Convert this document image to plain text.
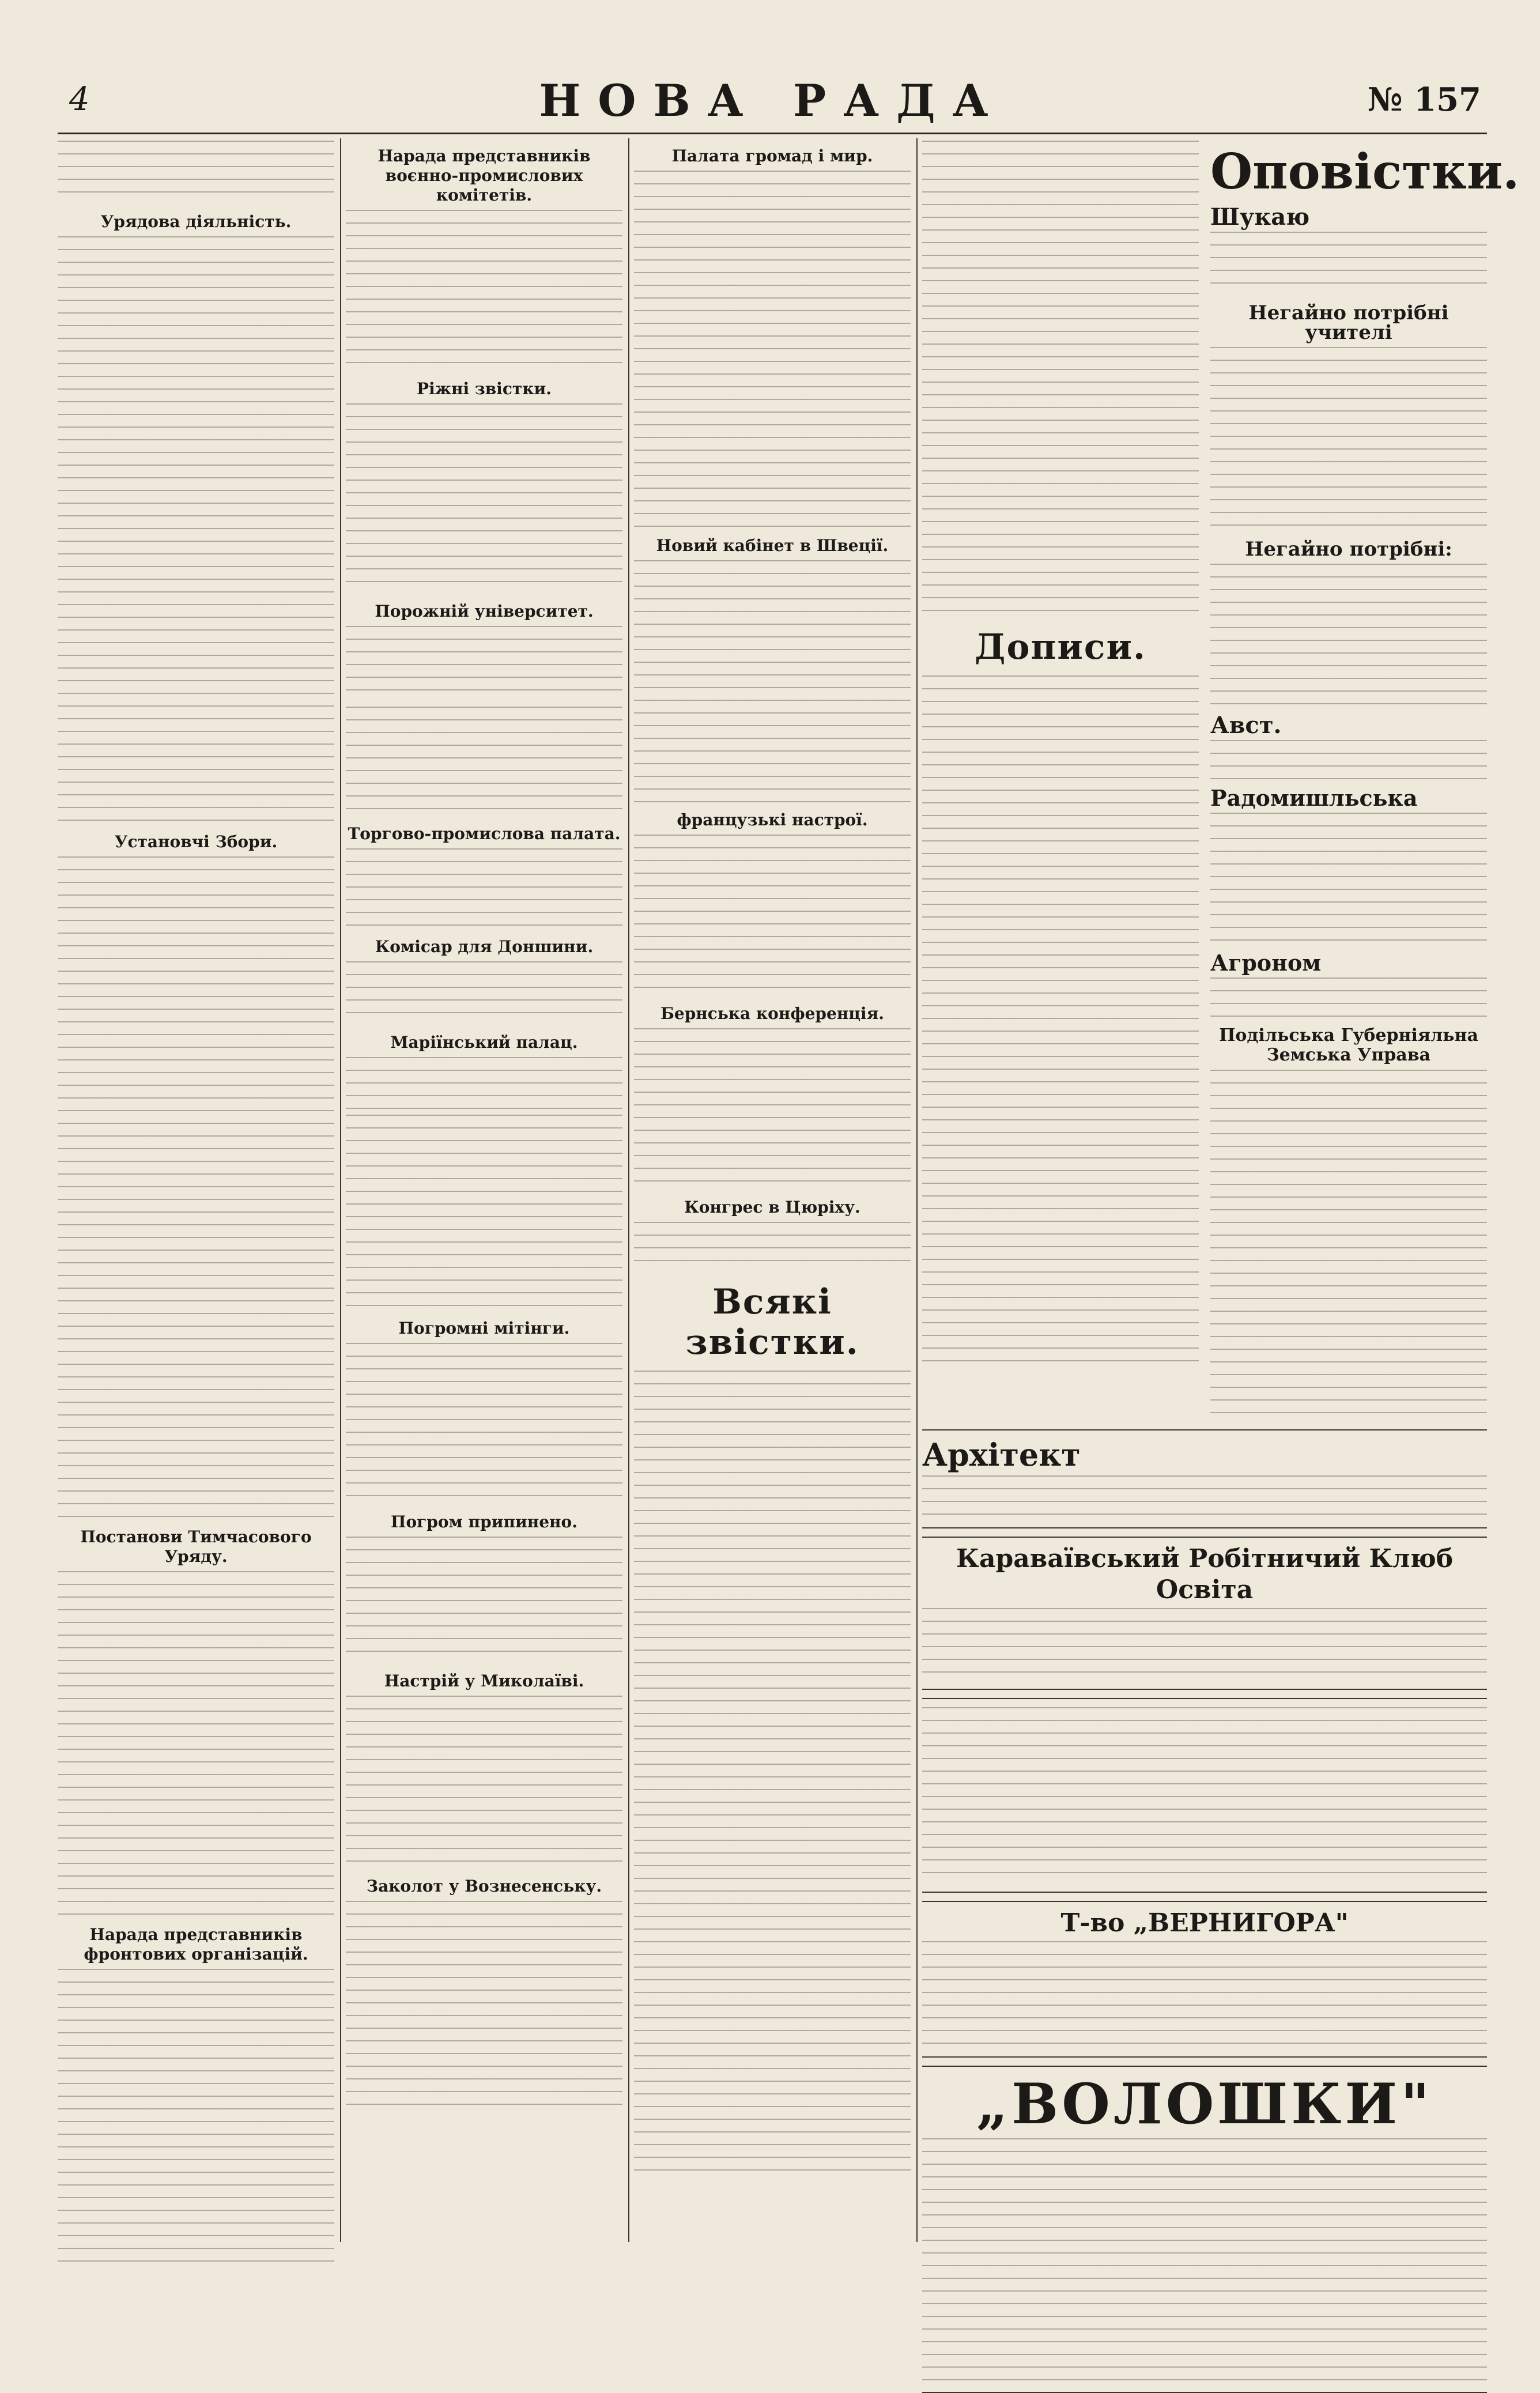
4	НОВА РАДА	№ 157
Урядова діяльність.
Установчі Збори.
Постанови Тимчасового Уряду.
Нарада представників фронтових організацій.
Нарада представників воєнно-промислових комітетів.
Ріжні звістки.
Порожній університет.
Торгово-промислова палата.
Комісар для Доншини.
Маріїнський палац.
Погромні мітінги.
Погром припинено.
Настрій у Миколаїві.
Заколот у Вознесенську.
Палата громад і мир.
Новий кабінет в Швеції.
французькі настрої.
Бернська конференція.
Конгрес в Цюріху.
Всякі звістки.
Дописи.
Оповістки.
Шукаю
Негайно потрібні учителі
Негайно потрібні:
Авст.
Радомишльська
Агроном
Подільська Губерніяльна Земська Управа
Архітект
Каравaївський Робітничий Клюб Освіта
Т-во „ВЕРНИГОРА"
„ВОЛОШКИ"
